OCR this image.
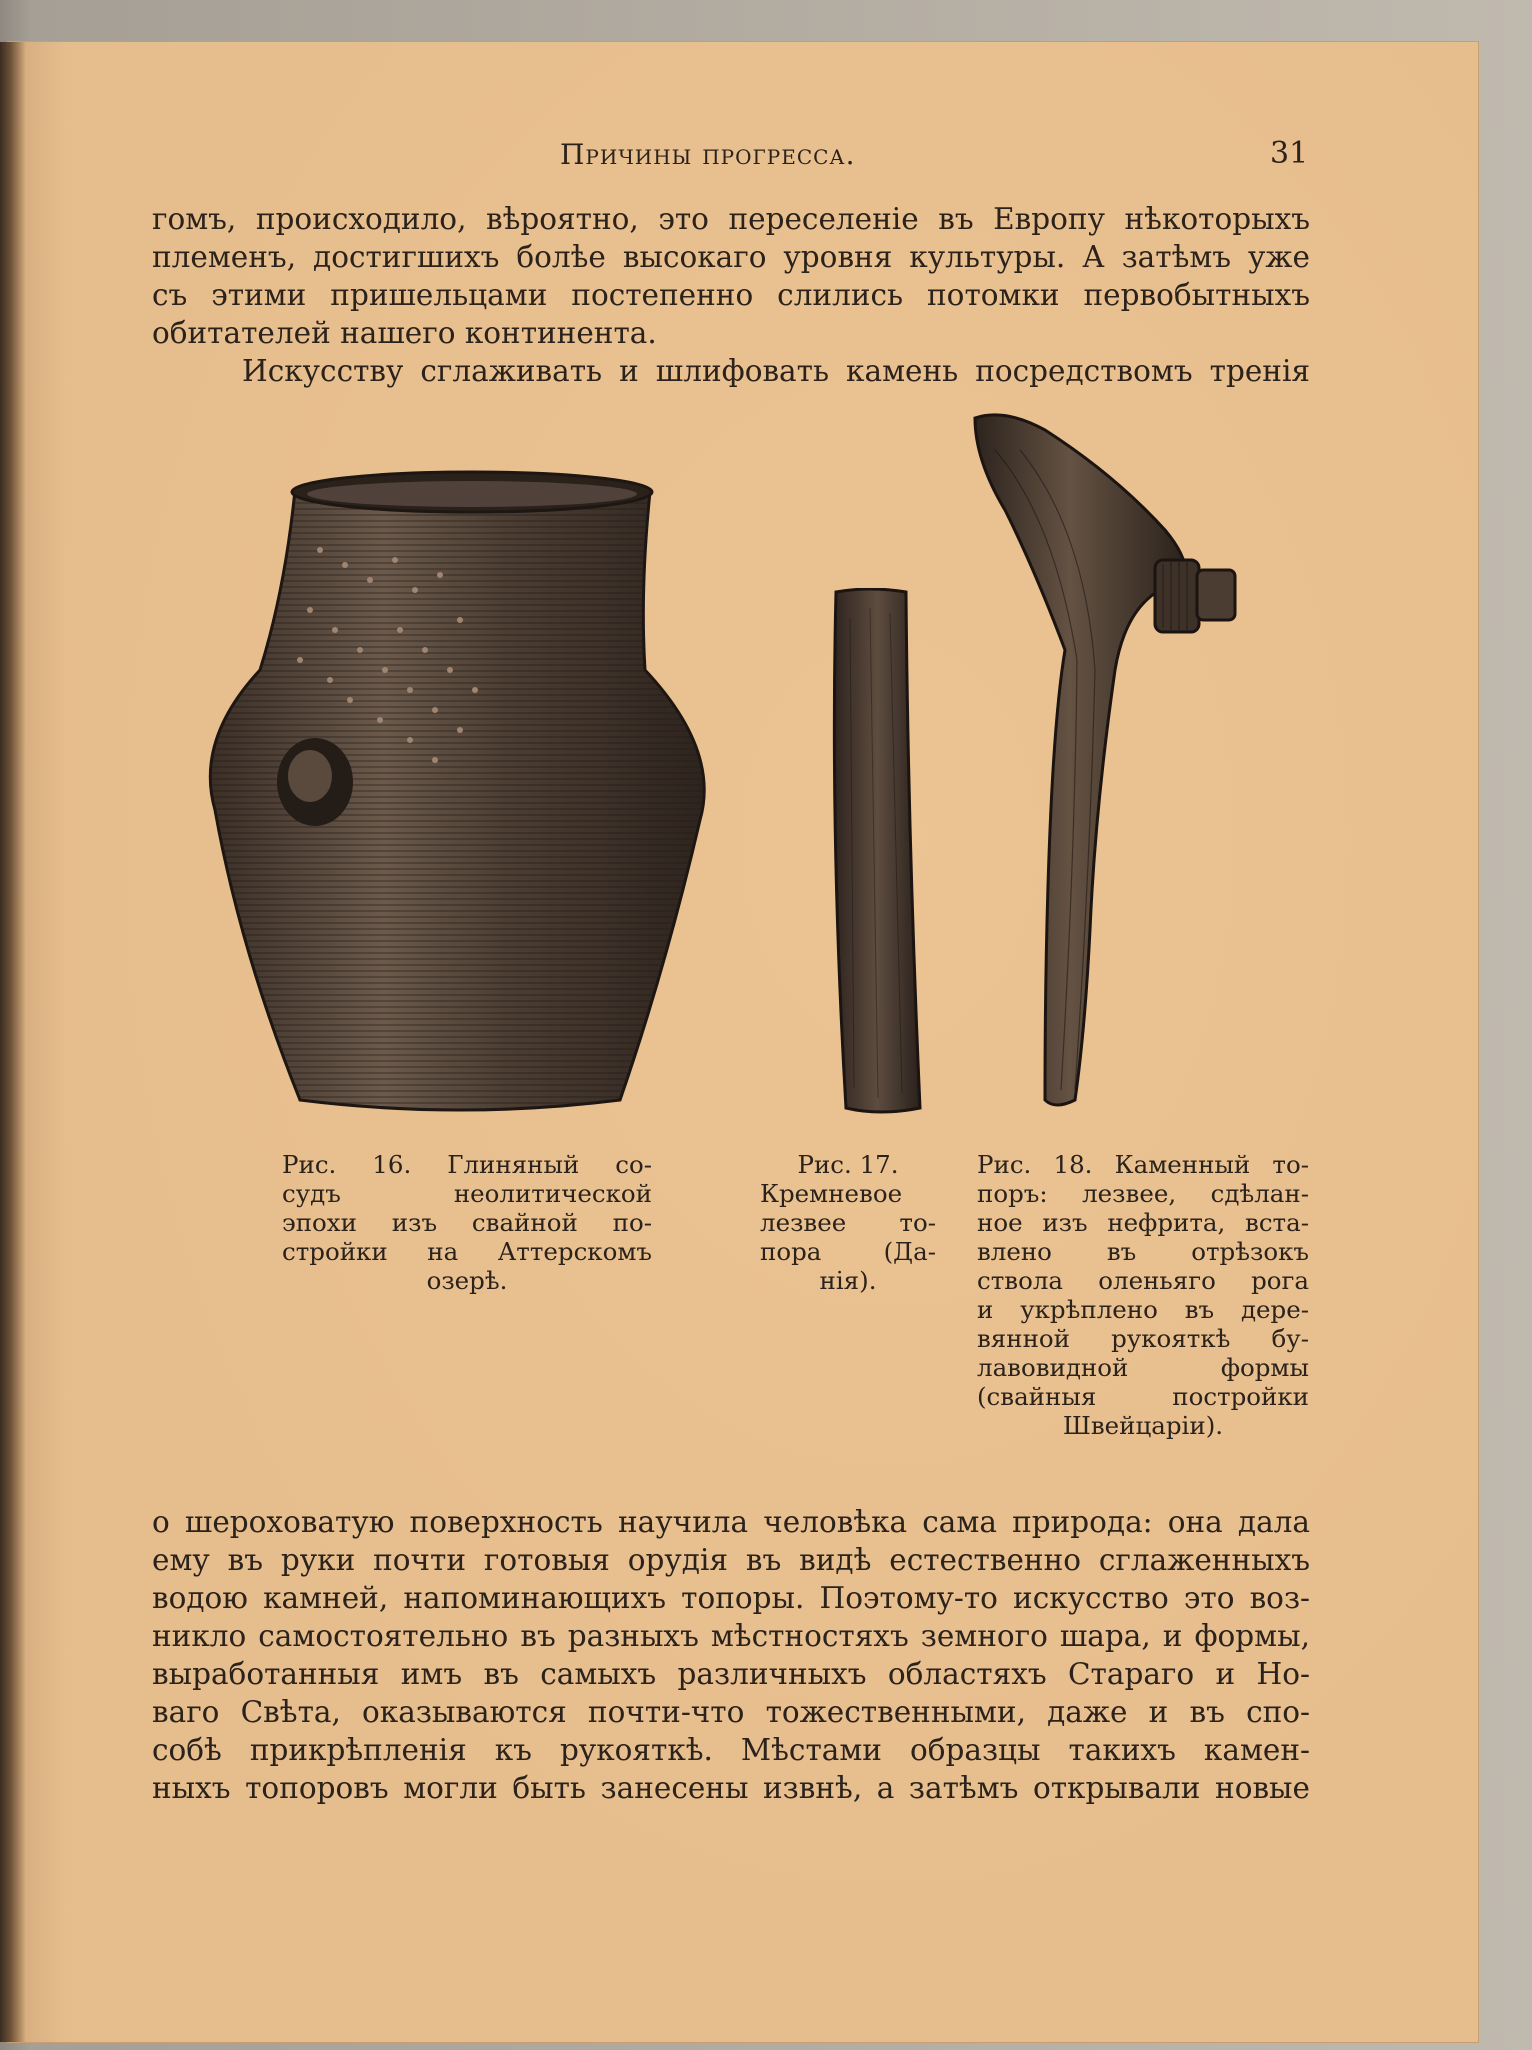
Причины прогресса.	31
гомъ, происходило, вѣроятно, это переселеніе въ Европу нѣкоторыхъ
племенъ, достигшихъ болѣе высокаго уровня культуры. А затѣмъ уже
съ этими пришельцами постепенно слились потомки первобытныхъ
обитателей нашего континента.
Искусству сглаживать и шлифовать камень посредствомъ тренія
Рис. 16. Глиняный со-
судъ неолитической
эпохи изъ свайной по-
стройки на Аттерскомъ
озерѣ.
Рис. 17.
Кремневое
лезвее то-
пора (Да-
нія).
Рис. 18. Каменный то-
поръ: лезвее, сдѣлан-
ное изъ нефрита, вста-
влено въ отрѣзокъ
ствола оленьяго рога
и укрѣплено въ дере-
вянной рукояткѣ бу-
лавовидной формы
(свайныя постройки
Швейцаріи).
о шероховатую поверхность научила человѣка сама природа: она дала
ему въ руки почти готовыя орудія въ видѣ естественно сглаженныхъ
водою камней, напоминающихъ топоры. Поэтому-то искусство это воз-
никло самостоятельно въ разныхъ мѣстностяхъ земного шара, и формы,
выработанныя имъ въ самыхъ различныхъ областяхъ Стараго и Но-
ваго Свѣта, оказываются почти-что тожественными, даже и въ спо-
собѣ прикрѣпленія къ рукояткѣ. Мѣстами образцы такихъ камен-
ныхъ топоровъ могли быть занесены извнѣ, а затѣмъ открывали новые
